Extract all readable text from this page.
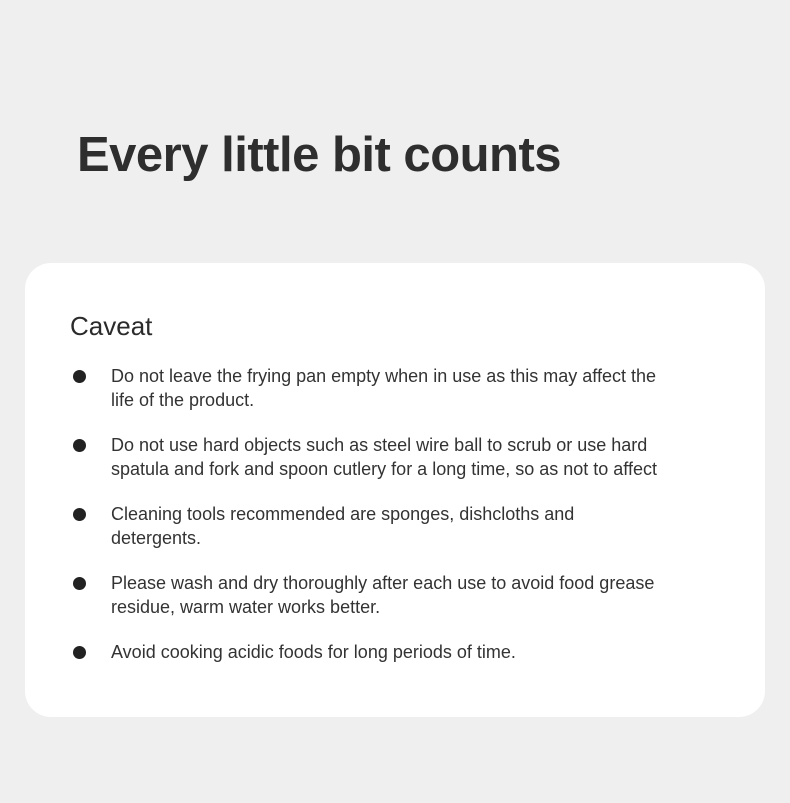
Every little bit counts
Caveat
Do not leave the frying pan empty when in use as this may affect the
life of the product.
Do not use hard objects such as steel wire ball to scrub or use hard
spatula and fork and spoon cutlery for a long time, so as not to affect
Cleaning tools recommended are sponges, dishcloths and
detergents.
Please wash and dry thoroughly after each use to avoid food grease
residue, warm water works better.
Avoid cooking acidic foods for long periods of time.
